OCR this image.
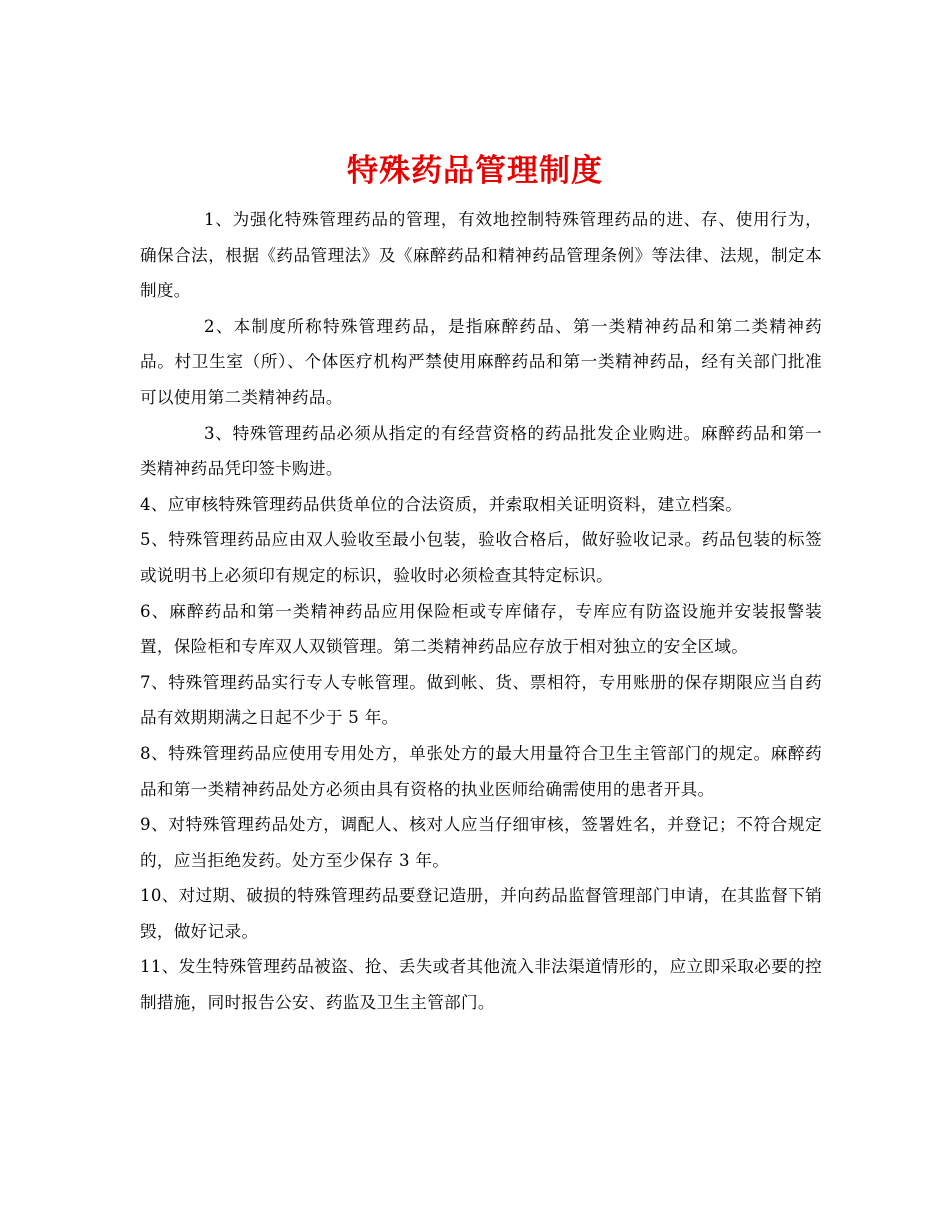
特殊药品管理制度

1、为强化特殊管理药品的管理，有效地控制特殊管理药品的进、存、使用行为，确保合法，根据《药品管理法》及《麻醉药品和精神药品管理条例》等法律、法规，制定本制度。

2、本制度所称特殊管理药品，是指麻醉药品、第一类精神药品和第二类精神药品。村卫生室（所）、个体医疗机构严禁使用麻醉药品和第一类精神药品，经有关部门批准可以使用第二类精神药品。

3、特殊管理药品必须从指定的有经营资格的药品批发企业购进。麻醉药品和第一类精神药品凭印签卡购进。

4、应审核特殊管理药品供货单位的合法资质，并索取相关证明资料，建立档案。

5、特殊管理药品应由双人验收至最小包装，验收合格后，做好验收记录。药品包装的标签或说明书上必须印有规定的标识，验收时必须检查其特定标识。

6、麻醉药品和第一类精神药品应用保险柜或专库储存，专库应有防盗设施并安装报警装置，保险柜和专库双人双锁管理。第二类精神药品应存放于相对独立的安全区域。

7、特殊管理药品实行专人专帐管理。做到帐、货、票相符，专用账册的保存期限应当自药品有效期期满之日起不少于 5 年。

8、特殊管理药品应使用专用处方，单张处方的最大用量符合卫生主管部门的规定。麻醉药品和第一类精神药品处方必须由具有资格的执业医师给确需使用的患者开具。

9、对特殊管理药品处方，调配人、核对人应当仔细审核，签署姓名，并登记；不符合规定的，应当拒绝发药。处方至少保存 3 年。

10、对过期、破损的特殊管理药品要登记造册，并向药品监督管理部门申请，在其监督下销毁，做好记录。

11、发生特殊管理药品被盗、抢、丢失或者其他流入非法渠道情形的，应立即采取必要的控制措施，同时报告公安、药监及卫生主管部门。
